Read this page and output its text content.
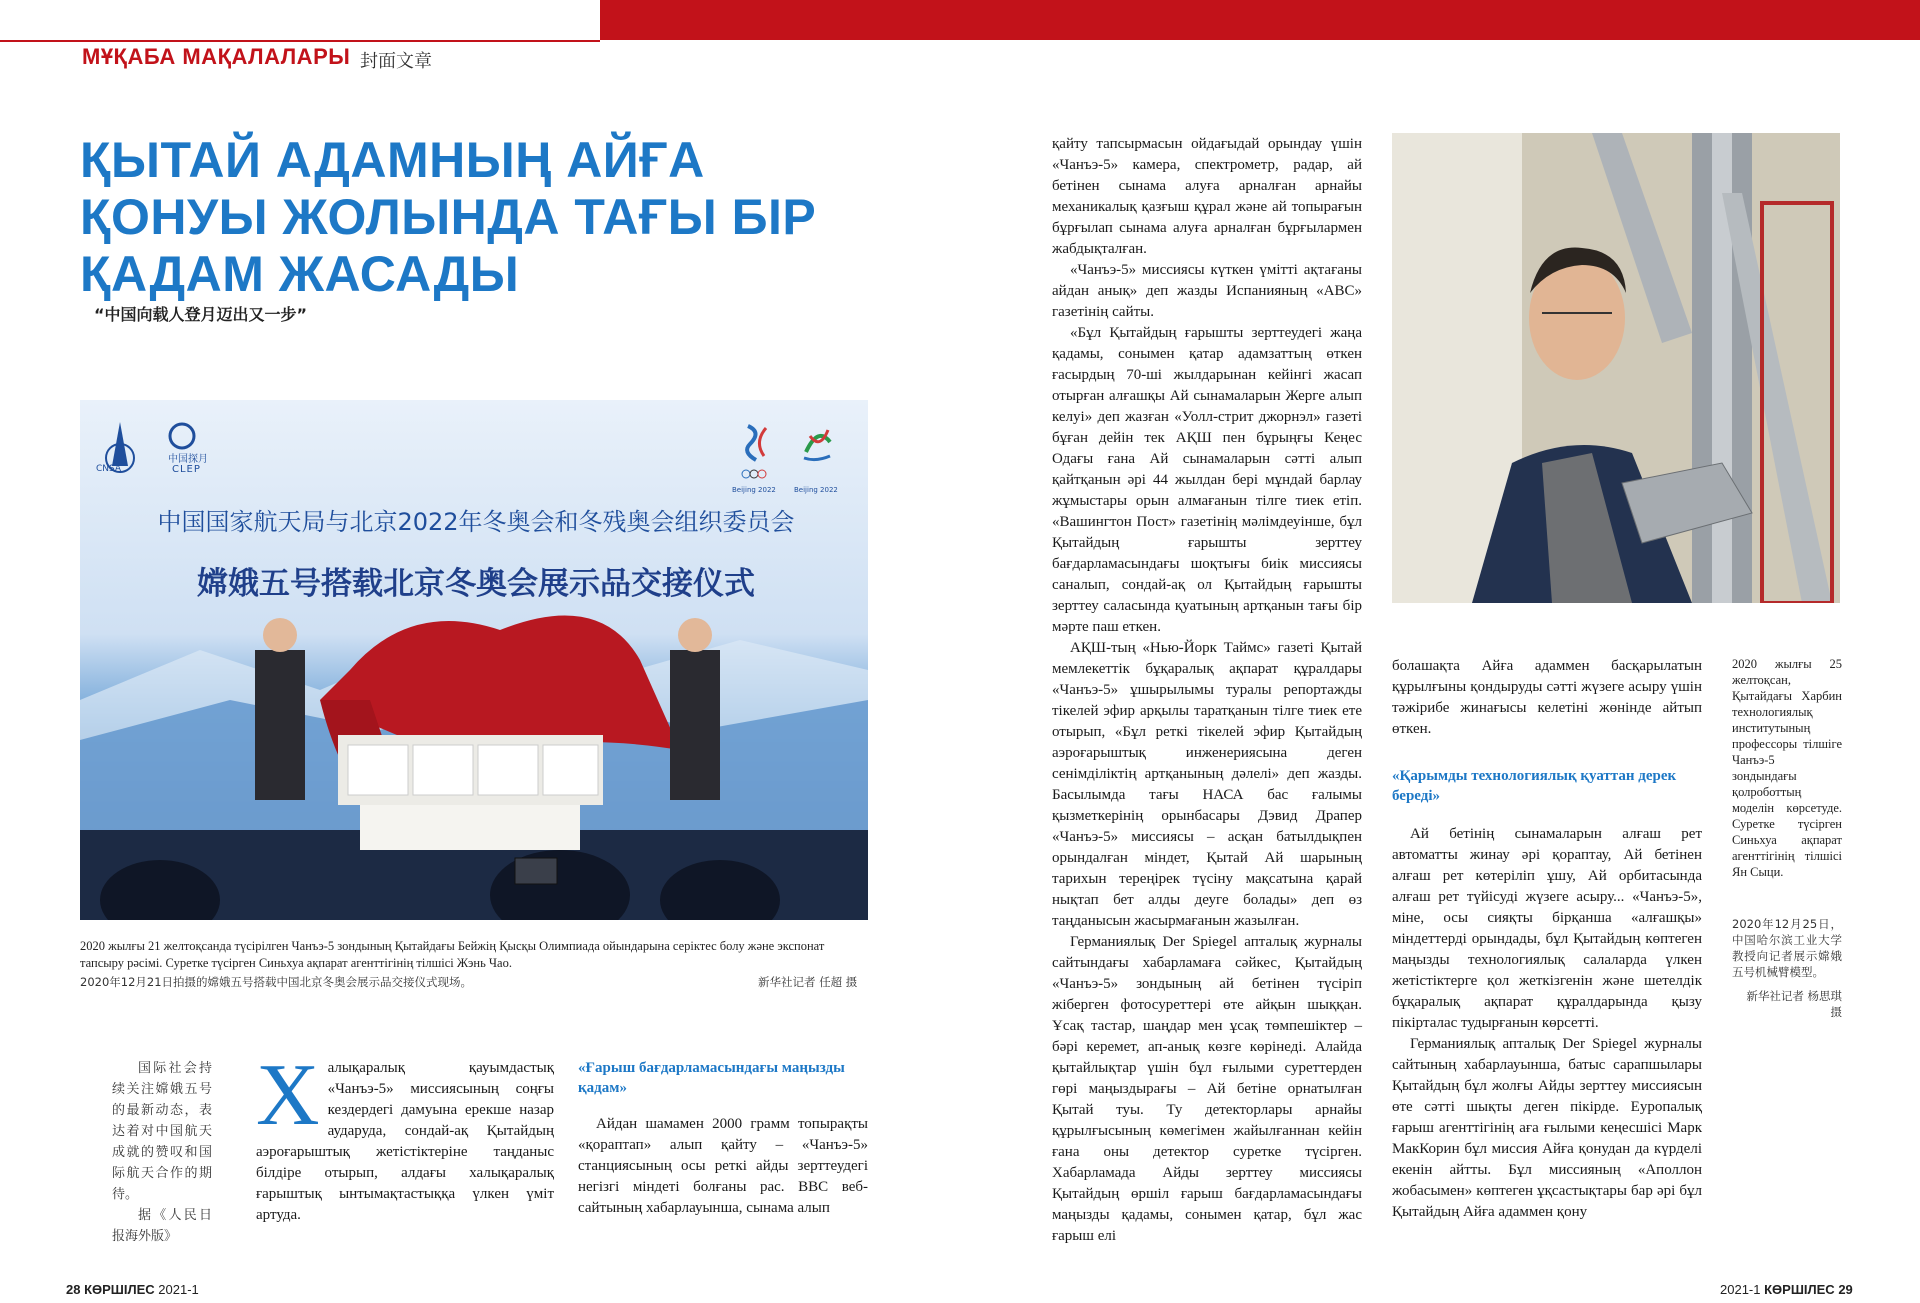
МҰҚАБА МАҚАЛАЛАРЫ 封面文章
ҚЫТАЙ АДАМНЫҢ АЙҒА ҚОНУЫ ЖОЛЫНДА ТАҒЫ БІР ҚАДАМ ЖАСАДЫ
“中国向载人登月迈出又一步”
CNSA
中国探月
CLEP
Beijing 2022	Beijing 2022
中国国家航天局与北京2022年冬奥会和冬残奥会组织委员会
嫦娥五号搭载北京冬奥会展示品交接仪式
2020 жылғы 21 желтоқсанда түсірілген Чанъэ-5 зондының Қытайдағы Бейжің Қысқы Олимпиада ойындарына серіктес болу және экспонат тапсыру рәсімі. Суретке түсірген Синьхуа ақпарат агенттігінің тілшісі Жэнь Чао.
2020年12月21日拍摄的嫦娥五号搭载中国北京冬奥会展示品交接仪式现场。	新华社记者 任超 摄
国际社会持续关注嫦娥五号的最新动态，表达着对中国航天成就的赞叹和国际航天合作的期待。
据《人民日报海外版》
Х алықаралық қауымдастық «Чанъэ-5» миссиясының соңғы кездердегі дамуына ерекше назар аударуда, сондай-ақ Қытайдың аэроғарыштық жетістіктеріне таңданыс білдіре отырып, алдағы халықаралық ғарыштық ынтымақтастыққа үлкен үміт артуда.
«Ғарыш бағдарламасындағы маңызды қадам»

Айдан шамамен 2000 грамм топырақты «қорaптап» алып қайту – «Чанъэ-5» станциясының осы реткі айды зерттеудегі негізгі міндеті болғаны рас. BBC веб-сайтының хабарлауынша, сынама алып

қайту тапсырмасын ойдағыдай орындау үшін «Чанъэ-5» камера, спектрометр, радар, ай бетінен сынама алуға арналған арнайы механикалық қазғыш құрал және ай топырағын бұрғылап сынама алуға арналған бұрғылармен жабдықталған.

«Чанъэ-5» миссиясы күткен үмітті ақтағаны айдан анық» деп жазды Испанияның «ABC» газетінің сайты.

«Бұл Қытайдың ғарышты зерттеудегі жаңа қадамы, сонымен қатар адамзаттың өткен ғасырдың 70-ші жылдарынан кейінгі жасап отырған алғашқы Ай сынамаларын Жерге алып келуі» деп жазған «Уолл-стрит джорнэл» газеті бұған дейін тек АҚШ пен бұрыңғы Кеңес Одағы ғана Ай сынамаларын сәтті алып қайтқанын әрі 44 жылдан бері мұндай барлау жұмыстары орын алмағанын тілге тиек етіп. «Вашингтон Пост» газетінің мәлімдеуінше, бұл Қытайдың ғарышты зерттеу бағдарламасындағы шоқтығы биік миссиясы саналып, сондай-ақ ол Қытайдың ғарышты зерттеу саласында қуатының артқанын тағы бір мәрте паш еткен.

АҚШ-тың «Нью-Йорк Таймс» газеті Қытай мемлекеттік бұқаралық ақпарат құралдары «Чанъэ-5» ұшырылымы туралы репортажды тікелей эфир арқылы таратқанын тілге тиек ете отырып, «Бұл реткі тікелей эфир Қытайдың аэроғарыштық инженериясына деген сенімділіктің артқанының дәлелі» деп жазды. Басылымда тағы НАСА бас ғалымы қызметкерінің орынбасары Дэвид Драпер «Чанъэ-5» миссиясы – асқан батылдықпен орындалған міндет, Қытай Ай шарының тарихын тереңірек түсіну мақсатына қарай нықтап бет алды деуге болады» деп өз таңданысын жасырмағанын жазылған.

Германиялық Der Spiegel апталық журналы сайтындағы хабарламаға сәйкес, Қытайдың «Чанъэ-5» зондының ай бетінен түсіріп жіберген фотосуреттері өте айқын шыққан. Ұсақ тастар, шаңдар мен ұсақ төмпешіктер – бәрі керемет, ап-анық көзге көрінеді. Алайда қытайлықтар үшін бұл ғылыми суреттерден гөрі маңыздырағы – Ай бетіне орнатылған Қытай туы. Ту детекторлары арнайы құрылғысының көмегімен жайылғаннан кейін ғана оны детектор суретке түсірген. Хабарламада Айды зерттеу миссиясы Қытайдың өршіл ғарыш бағдарламасындағы маңызды қадамы, сонымен қатар, бұл жас ғарыш елі

болашақта Айға адаммен басқарылатын құрылғыны қондыруды сәтті жүзеге асыру үшін тәжірибе жинағысы келетіні жөнінде айтып өткен.

«Қарымды технологиялық қуаттан дерек береді»

Ай бетінің сынамаларын алғаш рет автоматты жинау әрі қораптау, Ай бетінен алғаш рет көтеріліп ұшу, Ай орбитасында алғаш рет түйісуді жүзеге асыру... «Чанъэ-5», міне, осы сияқты бірқанша «алғашқы» міндеттерді орындады, бұл Қытайдың көптеген маңызды технологиялық салаларда үлкен жетістіктерге қол жеткізгенін және шетелдік бұқаралық ақпарат құралдарында қызу пікірталас тудырғанын көрсетті.

Германиялық апталық Der Spiegel журналы сайтының хабарлауынша, батыс сарапшылары Қытайдың бұл жолғы Айды зерттеу миссиясын өте сәтті шықты деген пікірде. Еуропалық ғарыш агенттігінің аға ғылыми кеңесшісі Марк МакКорин бұл миссия Айға қонудан да күрделі екенін айтты. Бұл миссияның «Аполлон жобасымен» көптеген ұқсастықтары бар әрі бұл Қытайдың Айға адаммен қону

2020 жылғы 25 желтоқсан, Қытайдағы Харбин технологиялық институтының профессоры тілшіге Чанъэ-5 зондындағы қолроботтың моделін көрсетуде. Суретке түсірген Синьхуа ақпарат агенттігінің тілшісі Ян Сыци.
2020年12月25日，中国哈尔滨工业大学教授向记者展示嫦娥五号机械臂模型。
新华社记者 杨思琪 摄
28 КӨРШІЛЕС 2021-1	2021-1 КӨРШІЛЕС 29
